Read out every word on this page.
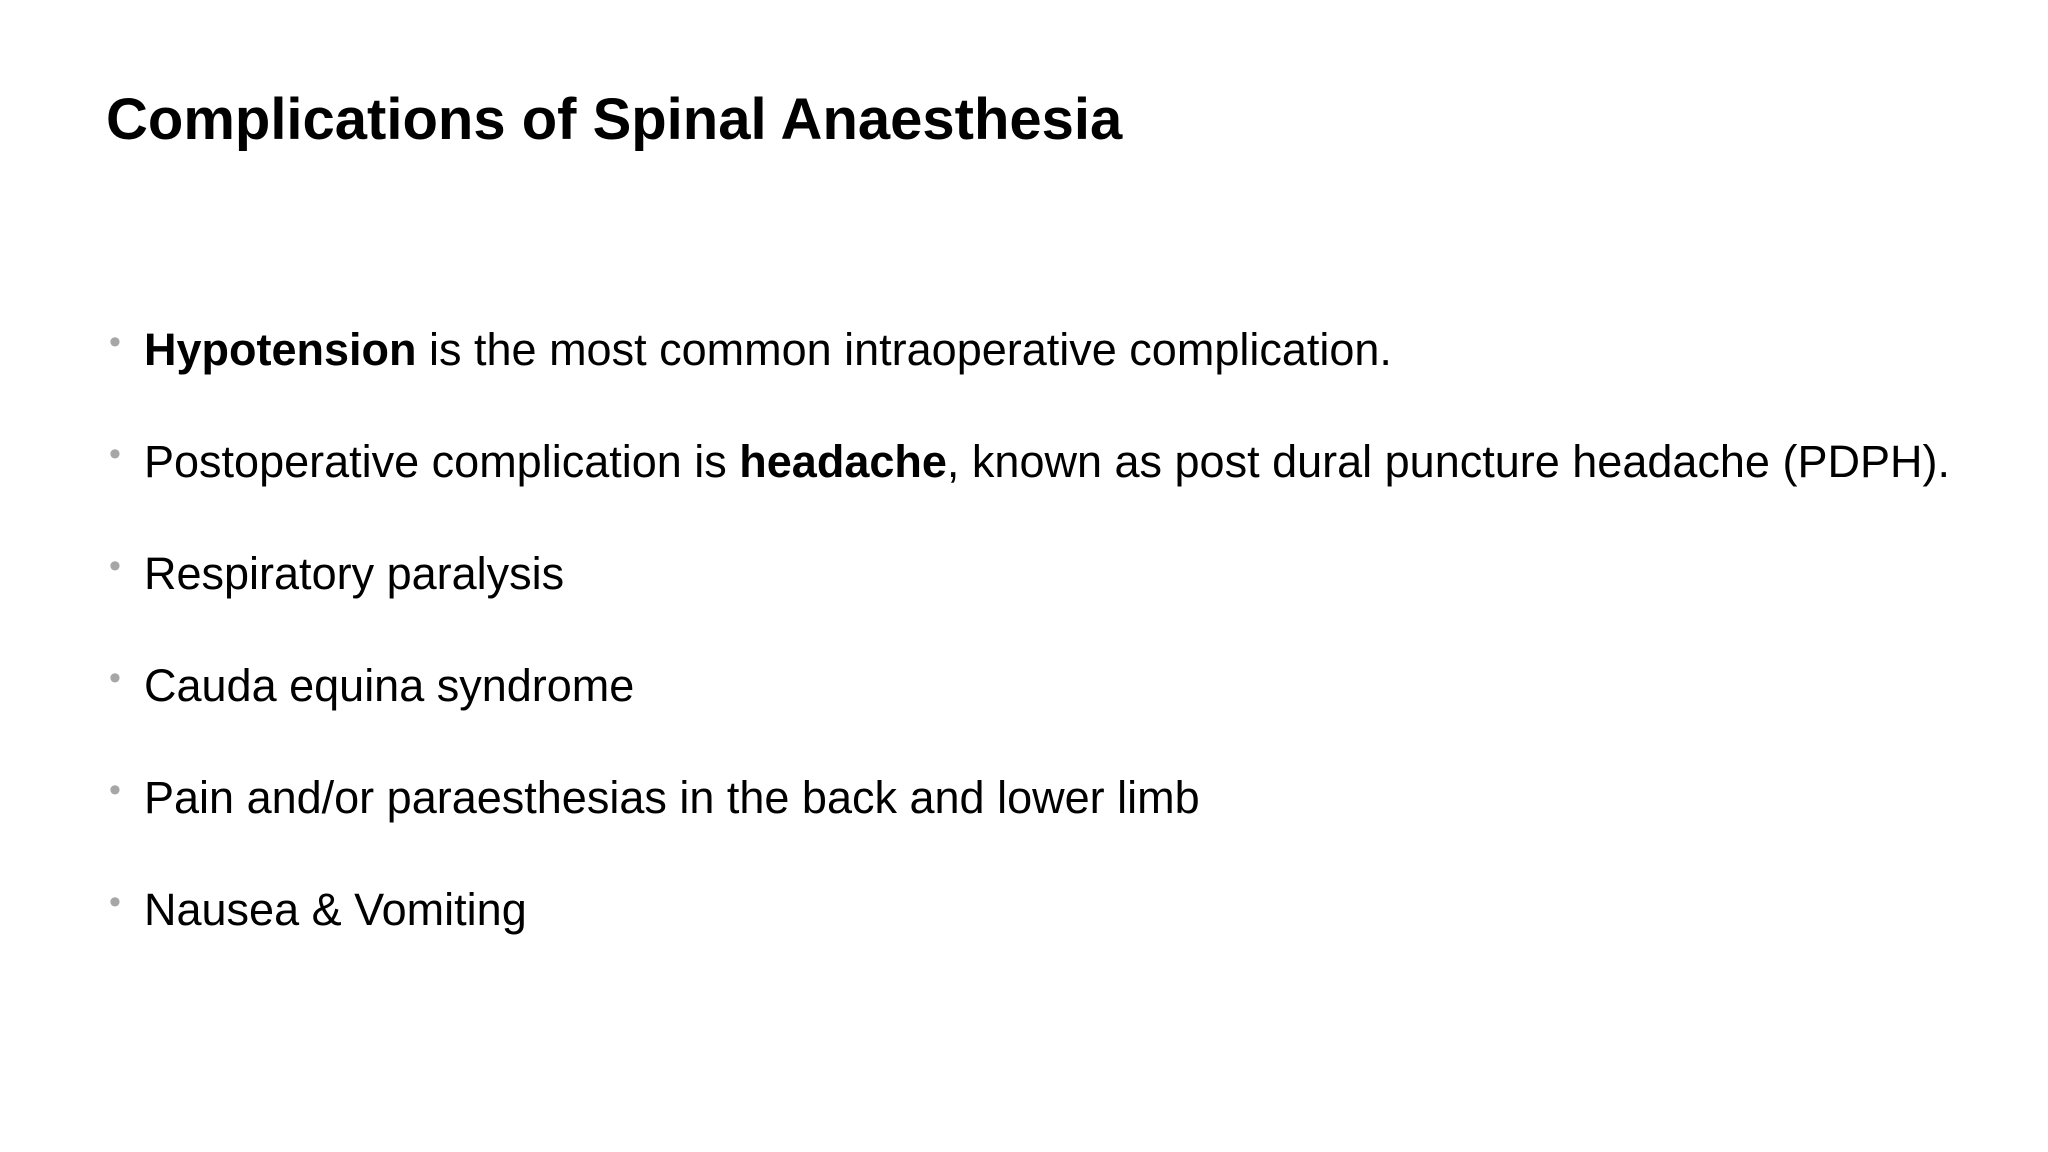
Complications of Spinal Anaesthesia
• Hypotension is the most common intraoperative complication.
• Postoperative complication is headache, known as post dural puncture headache (PDPH).
• Respiratory paralysis
• Cauda equina syndrome
• Pain and/or paraesthesias in the back and lower limb
• Nausea & Vomiting
